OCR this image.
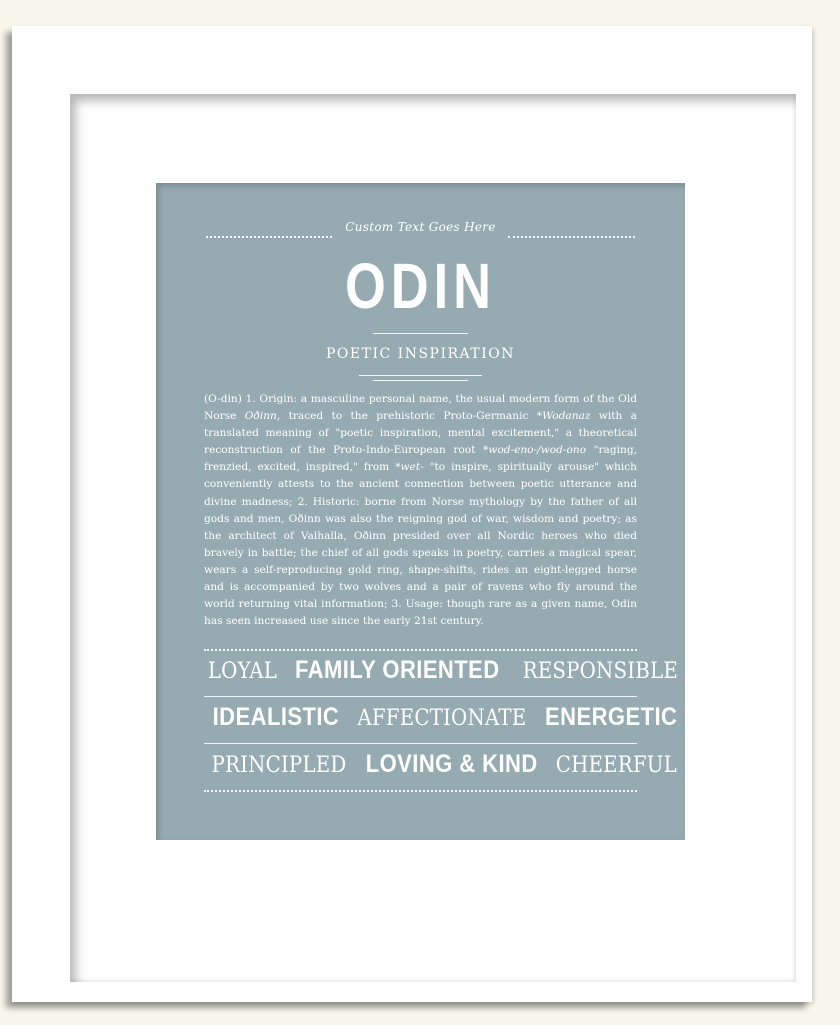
Custom Text Goes Here
ODIN
POETIC INSPIRATION
(O-din) 1. Origin: a masculine personal name, the usual modern form of the Old Norse Oðinn, traced to the prehistoric Proto-Germanic *Wodanaz with a translated meaning of "poetic inspiration, mental excitement," a theoretical reconstruction of the Proto-Indo-European root *wod-eno-/wod-ono "raging, frenzied, excited, inspired," from *wet- "to inspire, spiritually arouse" which conveniently attests to the ancient connection between poetic utterance and divine madness; 2. Historic: borne from Norse mythology by the father of all gods and men, Oðinn was also the reigning god of war, wisdom and poetry; as the architect of Valhalla, Oðinn presided over all Nordic heroes who died bravely in battle; the chief of all gods speaks in poetry, carries a magical spear, wears a self-reproducing gold ring, shape-shifts, rides an eight-legged horse and is accompanied by two wolves and a pair of ravens who fly around the world returning vital information; 3. Usage: though rare as a given name, Odin has seen increased use since the early 21st century.
LOYAL FAMILY ORIENTED RESPONSIBLE
IDEALISTIC AFFECTIONATE ENERGETIC
PRINCIPLED LOVING & KIND CHEERFUL
